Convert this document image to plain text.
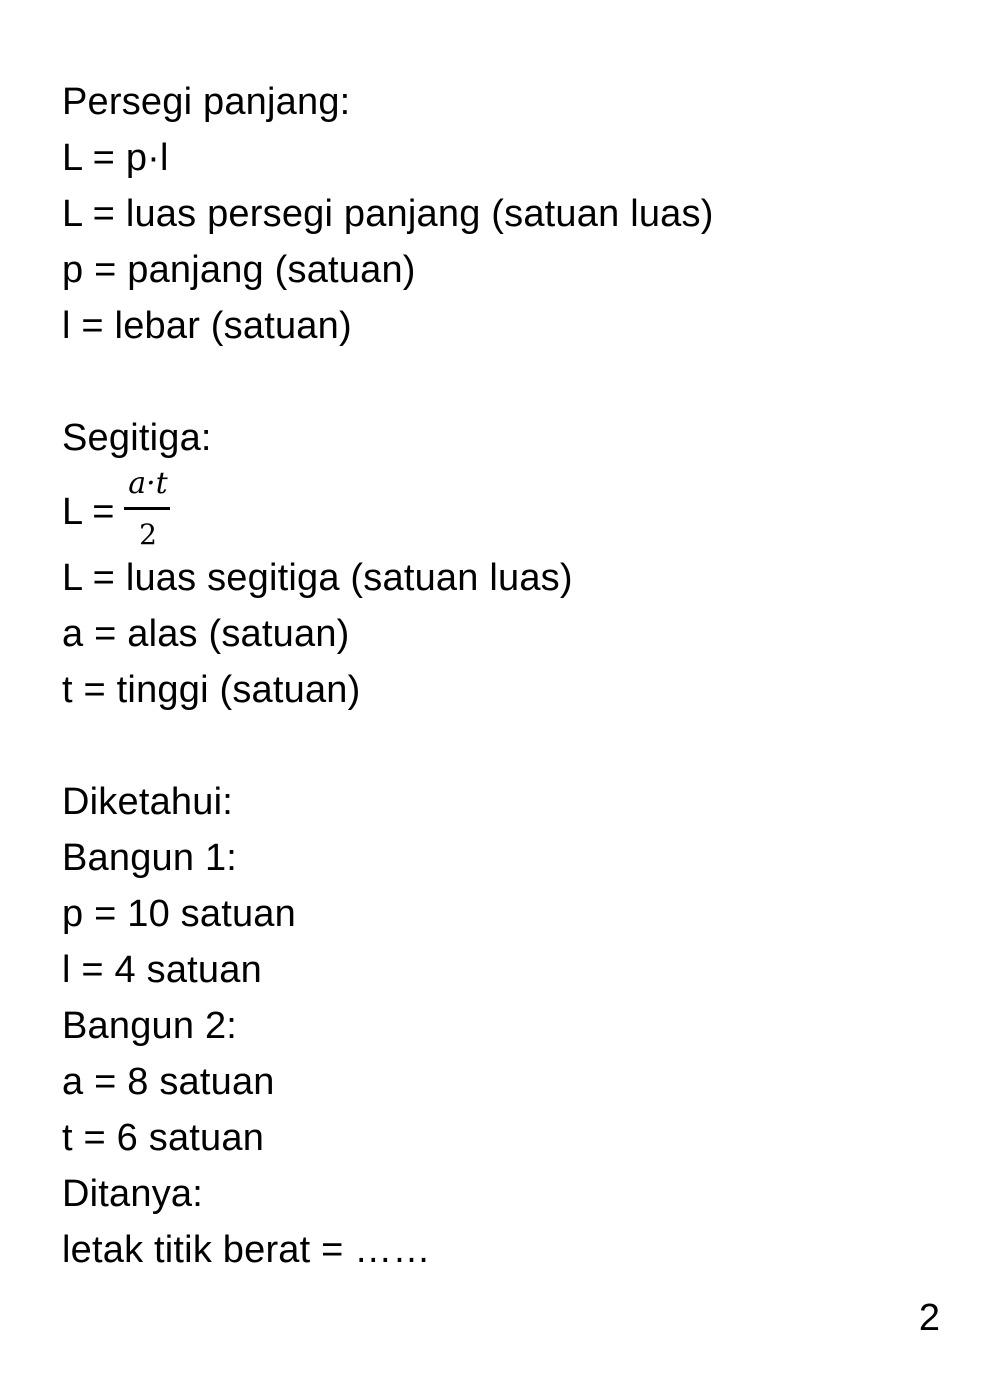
Persegi panjang:
L = p·l
L = luas persegi panjang (satuan luas)
p = panjang (satuan)
l = lebar (satuan)
Segitiga:
L =
a·t
2
L = luas segitiga (satuan luas)
a = alas (satuan)
t = tinggi (satuan)
Diketahui:
Bangun 1:
p = 10 satuan
l = 4 satuan
Bangun 2:
a = 8 satuan
t = 6 satuan
Ditanya:
letak titik berat = ……
2
